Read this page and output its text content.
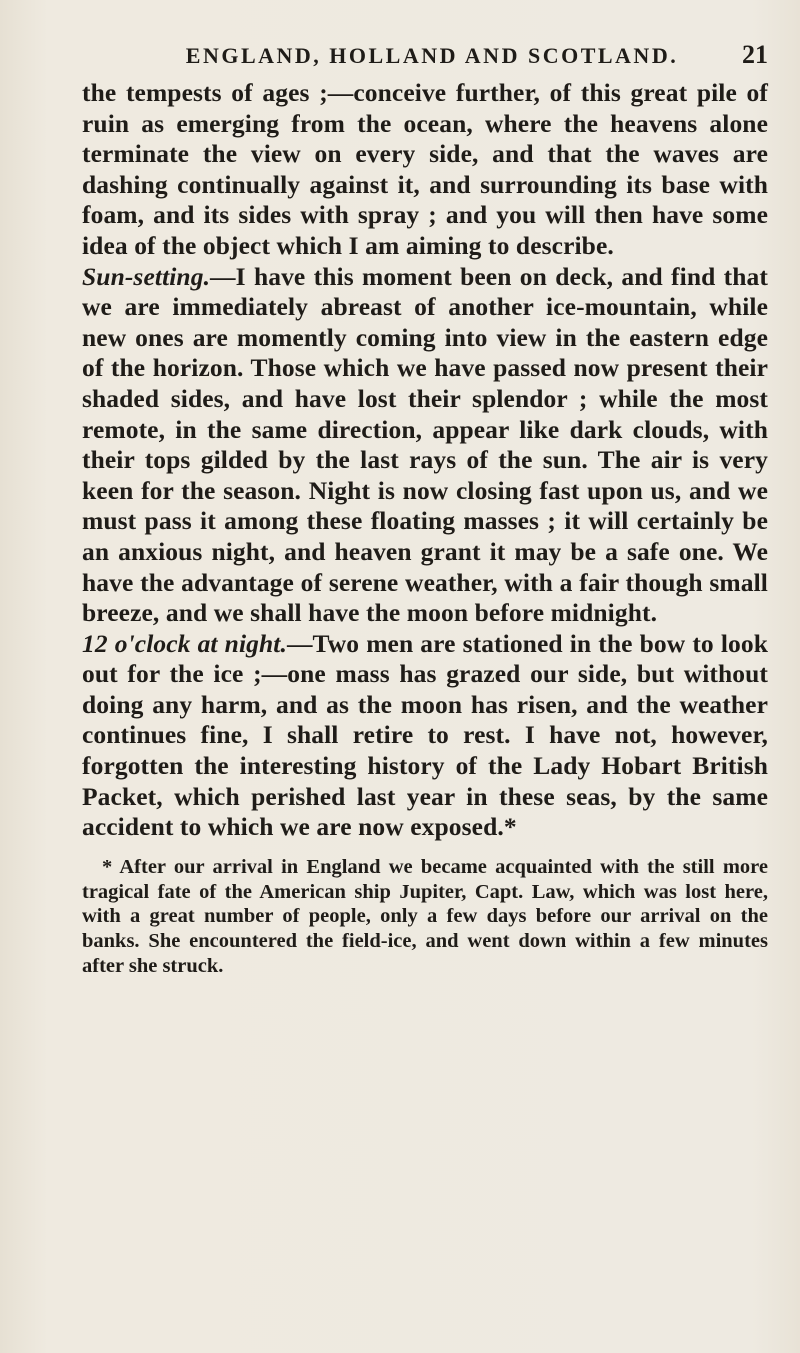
ENGLAND, HOLLAND AND SCOTLAND.	21

the tempests of ages ;—conceive further, of this great pile of ruin as emerging from the ocean, where the heavens alone terminate the view on every side, and that the waves are dashing continually against it, and surrounding its base with foam, and its sides with spray ; and you will then have some idea of the object which I am aiming to describe.

Sun-setting.—I have this moment been on deck, and find that we are immediately abreast of another ice-mountain, while new ones are momently coming into view in the eastern edge of the horizon. Those which we have passed now present their shaded sides, and have lost their splendor ; while the most remote, in the same direction, appear like dark clouds, with their tops gilded by the last rays of the sun. The air is very keen for the season. Night is now closing fast upon us, and we must pass it among these floating masses ; it will certainly be an anxious night, and heaven grant it may be a safe one. We have the advantage of serene weather, with a fair though small breeze, and we shall have the moon before midnight.

12 o'clock at night.—Two men are stationed in the bow to look out for the ice ;—one mass has grazed our side, but without doing any harm, and as the moon has risen, and the weather continues fine, I shall retire to rest. I have not, however, forgotten the interesting history of the Lady Hobart British Packet, which perished last year in these seas, by the same accident to which we are now exposed.*

* After our arrival in England we became acquainted with the still more tragical fate of the American ship Jupiter, Capt. Law, which was lost here, with a great number of people, only a few days before our arrival on the banks. She encountered the field-ice, and went down within a few minutes after she struck.
